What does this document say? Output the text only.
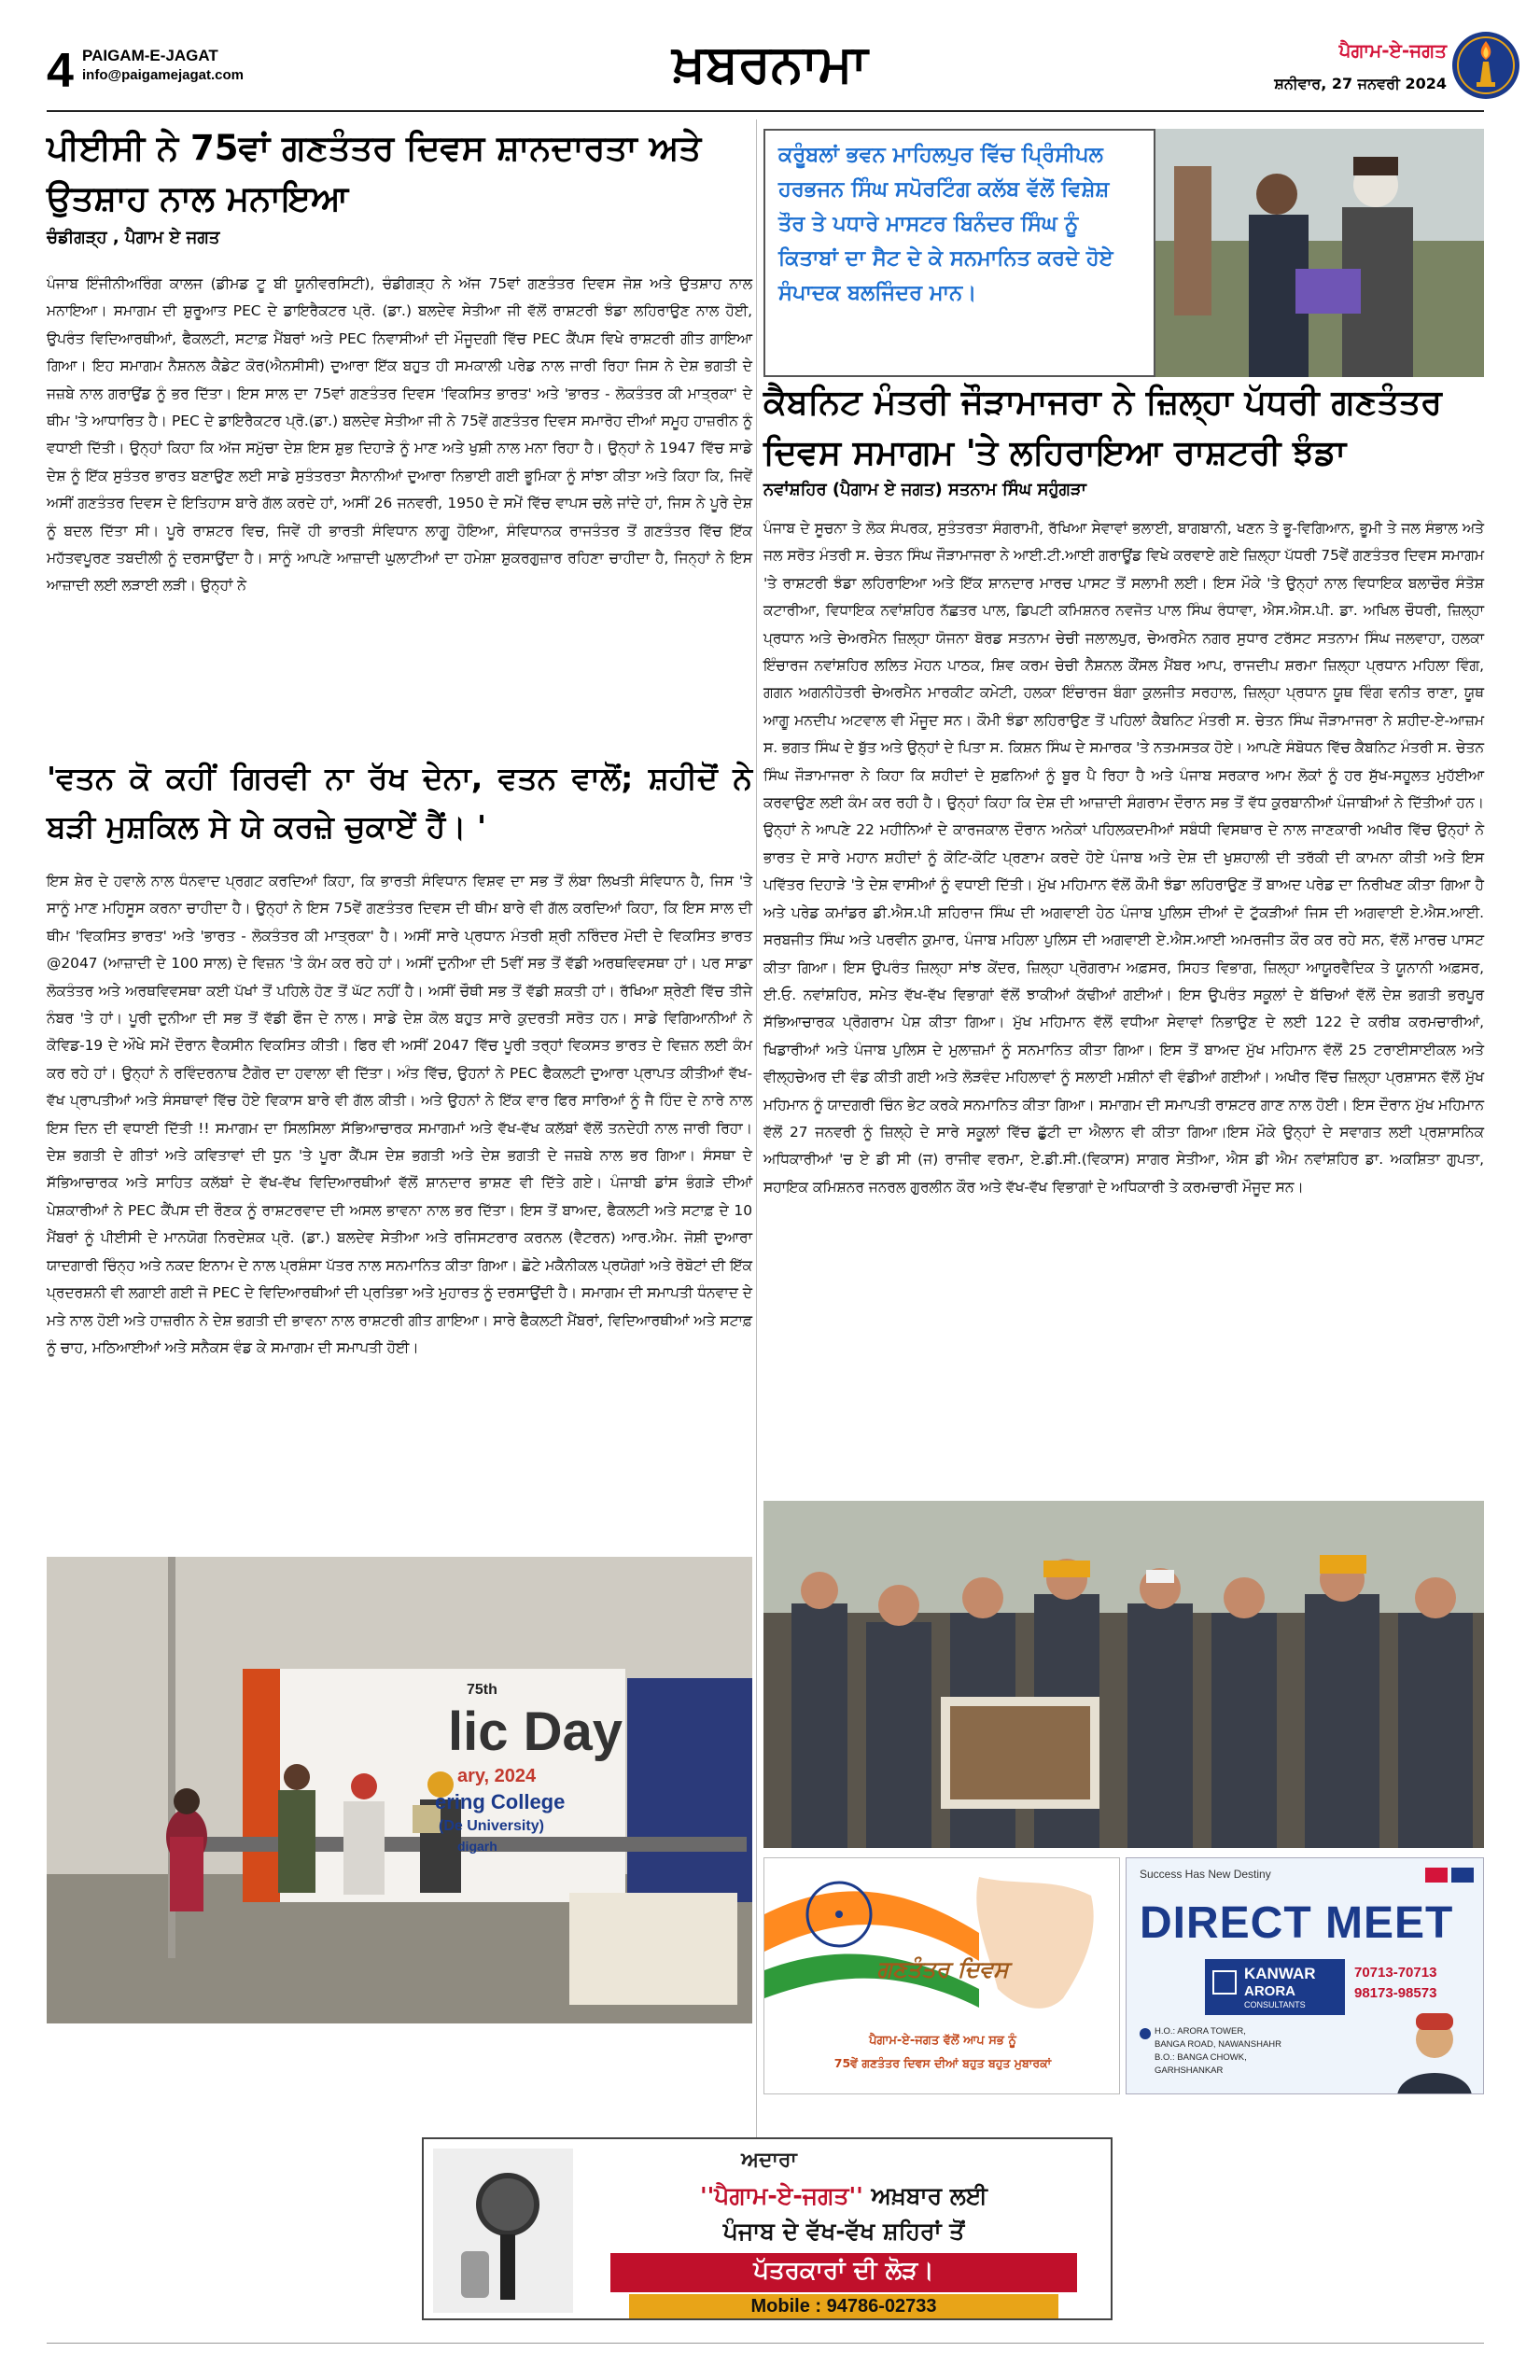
4 PAIGAM-E-JAGAT
info@paigamejagat.com	ਖ਼ਬਰਨਾਮਾ	ਪੈਗਾਮ-ਏ-ਜਗਤ
ਸ਼ਨੀਵਾਰ, 27 ਜਨਵਰੀ 2024
ਪੀਈਸੀ ਨੇ 75ਵਾਂ ਗਣਤੰਤਰ ਦਿਵਸ ਸ਼ਾਨਦਾਰਤਾ ਅਤੇ ਉਤਸ਼ਾਹ ਨਾਲ ਮਨਾਇਆ
ਚੰਡੀਗੜ੍ਹ , ਪੈਗਾਮ ਏ ਜਗਤ

ਪੰਜਾਬ ਇੰਜੀਨੀਅਰਿੰਗ ਕਾਲਜ (ਡੀਮਡ ਟੂ ਬੀ ਯੂਨੀਵਰਸਿਟੀ), ਚੰਡੀਗੜ੍ਹ ਨੇ ਅੱਜ 75ਵਾਂ ਗਣਤੰਤਰ ਦਿਵਸ ਜੋਸ਼ ਅਤੇ ਉਤਸ਼ਾਹ ਨਾਲ ਮਨਾਇਆ। ਸਮਾਗਮ ਦੀ ਸ਼ੁਰੂਆਤ PEC ਦੇ ਡਾਇਰੈਕਟਰ ਪ੍ਰੋ. (ਡਾ.) ਬਲਦੇਵ ਸੇਤੀਆ ਜੀ ਵੱਲੋਂ ਰਾਸ਼ਟਰੀ ਝੰਡਾ ਲਹਿਰਾਉਣ ਨਾਲ ਹੋਈ, ਉਪਰੰਤ ਵਿਦਿਆਰਥੀਆਂ, ਫੈਕਲਟੀ, ਸਟਾਫ਼ ਮੈਂਬਰਾਂ ਅਤੇ PEC ਨਿਵਾਸੀਆਂ ਦੀ ਮੌਜੂਦਗੀ ਵਿੱਚ PEC ਕੈਂਪਸ ਵਿਖੇ ਰਾਸ਼ਟਰੀ ਗੀਤ ਗਾਇਆ ਗਿਆ। ਇਹ ਸਮਾਗਮ ਨੈਸ਼ਨਲ ਕੈਡੇਟ ਕੋਰ(ਐਨਸੀਸੀ) ਦੁਆਰਾ ਇੱਕ ਬਹੁਤ ਹੀ ਸਮਕਾਲੀ ਪਰੇਡ ਨਾਲ ਜਾਰੀ ਰਿਹਾ ਜਿਸ ਨੇ ਦੇਸ਼ ਭਗਤੀ ਦੇ ਜਜ਼ਬੇ ਨਾਲ ਗਰਾਉਂਡ ਨੂੰ ਭਰ ਦਿੱਤਾ। ਇਸ ਸਾਲ ਦਾ 75ਵਾਂ ਗਣਤੰਤਰ ਦਿਵਸ 'ਵਿਕਸਿਤ ਭਾਰਤ' ਅਤੇ 'ਭਾਰਤ - ਲੋਕਤੰਤਰ ਕੀ ਮਾਤ੍ਰਕਾ' ਦੇ ਥੀਮ 'ਤੇ ਆਧਾਰਿਤ ਹੈ। PEC ਦੇ ਡਾਇਰੈਕਟਰ ਪ੍ਰੋ.(ਡਾ.) ਬਲਦੇਵ ਸੇਤੀਆ ਜੀ ਨੇ 75ਵੇਂ ਗਣਤੰਤਰ ਦਿਵਸ ਸਮਾਰੋਹ ਦੀਆਂ ਸਮੂਹ ਹਾਜ਼ਰੀਨ ਨੂੰ ਵਧਾਈ ਦਿੱਤੀ। ਉਨ੍ਹਾਂ ਕਿਹਾ ਕਿ ਅੱਜ ਸਮੁੱਚਾ ਦੇਸ਼ ਇਸ ਸ਼ੁਭ ਦਿਹਾੜੇ ਨੂੰ ਮਾਣ ਅਤੇ ਖੁਸ਼ੀ ਨਾਲ ਮਨਾ ਰਿਹਾ ਹੈ। ਉਨ੍ਹਾਂ ਨੇ 1947 ਵਿੱਚ ਸਾਡੇ ਦੇਸ਼ ਨੂੰ ਇੱਕ ਸੁਤੰਤਰ ਭਾਰਤ ਬਣਾਉਣ ਲਈ ਸਾਡੇ ਸੁਤੰਤਰਤਾ ਸੈਨਾਨੀਆਂ ਦੁਆਰਾ ਨਿਭਾਈ ਗਈ ਭੂਮਿਕਾ ਨੂੰ ਸਾਂਝਾ ਕੀਤਾ ਅਤੇ ਕਿਹਾ ਕਿ, ਜਿਵੇਂ ਅਸੀਂ ਗਣਤੰਤਰ ਦਿਵਸ ਦੇ ਇਤਿਹਾਸ ਬਾਰੇ ਗੱਲ ਕਰਦੇ ਹਾਂ, ਅਸੀਂ 26 ਜਨਵਰੀ, 1950 ਦੇ ਸਮੇਂ ਵਿੱਚ ਵਾਪਸ ਚਲੇ ਜਾਂਦੇ ਹਾਂ, ਜਿਸ ਨੇ ਪੂਰੇ ਦੇਸ਼ ਨੂੰ ਬਦਲ ਦਿੱਤਾ ਸੀ। ਪੂਰੇ ਰਾਸ਼ਟਰ ਵਿਚ, ਜਿਵੇਂ ਹੀ ਭਾਰਤੀ ਸੰਵਿਧਾਨ ਲਾਗੂ ਹੋਇਆ, ਸੰਵਿਧਾਨਕ ਰਾਜਤੰਤਰ ਤੋਂ ਗਣਤੰਤਰ ਵਿੱਚ ਇੱਕ ਮਹੱਤਵਪੂਰਣ ਤਬਦੀਲੀ ਨੂੰ ਦਰਸਾਉਂਦਾ ਹੈ। ਸਾਨੂੰ ਆਪਣੇ ਆਜ਼ਾਦੀ ਘੁਲਾਟੀਆਂ ਦਾ ਹਮੇਸ਼ਾ ਸ਼ੁਕਰਗੁਜ਼ਾਰ ਰਹਿਣਾ ਚਾਹੀਦਾ ਹੈ, ਜਿਨ੍ਹਾਂ ਨੇ ਇਸ ਆਜ਼ਾਦੀ ਲਈ ਲੜਾਈ ਲੜੀ। ਉਨ੍ਹਾਂ ਨੇ

'ਵਤਨ ਕੋ ਕਹੀਂ ਗਿਰਵੀ ਨਾ ਰੱਖ ਦੇਨਾ, ਵਤਨ ਵਾਲੋਂ; ਸ਼ਹੀਦੋਂ ਨੇ ਬੜੀ ਮੁਸ਼ਕਿਲ ਸੇ ਯੇ ਕਰਜ਼ੇ ਚੁਕਾਏਂ ਹੈਂ। '

ਇਸ ਸ਼ੇਰ ਦੇ ਹਵਾਲੇ ਨਾਲ ਧੰਨਵਾਦ ਪ੍ਰਗਟ ਕਰਦਿਆਂ ਕਿਹਾ, ਕਿ ਭਾਰਤੀ ਸੰਵਿਧਾਨ ਵਿਸ਼ਵ ਦਾ ਸਭ ਤੋਂ ਲੰਬਾ ਲਿਖਤੀ ਸੰਵਿਧਾਨ ਹੈ, ਜਿਸ 'ਤੇ ਸਾਨੂੰ ਮਾਣ ਮਹਿਸੂਸ ਕਰਨਾ ਚਾਹੀਦਾ ਹੈ। ਉਨ੍ਹਾਂ ਨੇ ਇਸ 75ਵੇਂ ਗਣਤੰਤਰ ਦਿਵਸ ਦੀ ਥੀਮ ਬਾਰੇ ਵੀ ਗੱਲ ਕਰਦਿਆਂ ਕਿਹਾ, ਕਿ ਇਸ ਸਾਲ ਦੀ ਥੀਮ 'ਵਿਕਸਿਤ ਭਾਰਤ' ਅਤੇ 'ਭਾਰਤ - ਲੋਕਤੰਤਰ ਕੀ ਮਾਤ੍ਰਕਾ' ਹੈ। ਅਸੀਂ ਸਾਰੇ ਪ੍ਰਧਾਨ ਮੰਤਰੀ ਸ਼੍ਰੀ ਨਰਿੰਦਰ ਮੋਦੀ ਦੇ ਵਿਕਸਿਤ ਭਾਰਤ @2047 (ਆਜ਼ਾਦੀ ਦੇ 100 ਸਾਲ) ਦੇ ਵਿਜ਼ਨ 'ਤੇ ਕੰਮ ਕਰ ਰਹੇ ਹਾਂ। ਅਸੀਂ ਦੁਨੀਆ ਦੀ 5ਵੀਂ ਸਭ ਤੋਂ ਵੱਡੀ ਅਰਥਵਿਵਸਥਾ ਹਾਂ। ਪਰ ਸਾਡਾ ਲੋਕਤੰਤਰ ਅਤੇ ਅਰਥਵਿਵਸਥਾ ਕਈ ਪੱਖਾਂ ਤੋਂ ਪਹਿਲੇ ਹੋਣ ਤੋਂ ਘੱਟ ਨਹੀਂ ਹੈ। ਅਸੀਂ ਚੌਥੀ ਸਭ ਤੋਂ ਵੱਡੀ ਸ਼ਕਤੀ ਹਾਂ। ਰੱਖਿਆ ਸ਼੍ਰੇਣੀ ਵਿੱਚ ਤੀਜੇ ਨੰਬਰ 'ਤੇ ਹਾਂ। ਪੂਰੀ ਦੁਨੀਆ ਦੀ ਸਭ ਤੋਂ ਵੱਡੀ ਫੌਜ ਦੇ ਨਾਲ। ਸਾਡੇ ਦੇਸ਼ ਕੋਲ ਬਹੁਤ ਸਾਰੇ ਕੁਦਰਤੀ ਸਰੋਤ ਹਨ। ਸਾਡੇ ਵਿਗਿਆਨੀਆਂ ਨੇ ਕੋਵਿਡ-19 ਦੇ ਔਖੇ ਸਮੇਂ ਦੌਰਾਨ ਵੈਕਸੀਨ ਵਿਕਸਿਤ ਕੀਤੀ। ਫਿਰ ਵੀ ਅਸੀਂ 2047 ਵਿੱਚ ਪੂਰੀ ਤਰ੍ਹਾਂ ਵਿਕਸਤ ਭਾਰਤ ਦੇ ਵਿਜ਼ਨ ਲਈ ਕੰਮ ਕਰ ਰਹੇ ਹਾਂ। ਉਨ੍ਹਾਂ ਨੇ ਰਵਿੰਦਰਨਾਥ ਟੈਗੋਰ ਦਾ ਹਵਾਲਾ ਵੀ ਦਿੱਤਾ। ਅੰਤ ਵਿੱਚ, ਉਹਨਾਂ ਨੇ PEC ਫੈਕਲਟੀ ਦੁਆਰਾ ਪ੍ਰਾਪਤ ਕੀਤੀਆਂ ਵੱਖ-ਵੱਖ ਪ੍ਰਾਪਤੀਆਂ ਅਤੇ ਸੰਸਥਾਵਾਂ ਵਿੱਚ ਹੋਏ ਵਿਕਾਸ ਬਾਰੇ ਵੀ ਗੱਲ ਕੀਤੀ। ਅਤੇ ਉਹਨਾਂ ਨੇ ਇੱਕ ਵਾਰ ਫਿਰ ਸਾਰਿਆਂ ਨੂੰ ਜੈ ਹਿੰਦ ਦੇ ਨਾਰੇ ਨਾਲ ਇਸ ਦਿਨ ਦੀ ਵਧਾਈ ਦਿੱਤੀ !! ਸਮਾਗਮ ਦਾ ਸਿਲਸਿਲਾ ਸੱਭਿਆਚਾਰਕ ਸਮਾਗਮਾਂ ਅਤੇ ਵੱਖ-ਵੱਖ ਕਲੱਬਾਂ ਵੱਲੋਂ ਤਨਦੇਹੀ ਨਾਲ ਜਾਰੀ ਰਿਹਾ। ਦੇਸ਼ ਭਗਤੀ ਦੇ ਗੀਤਾਂ ਅਤੇ ਕਵਿਤਾਵਾਂ ਦੀ ਧੁਨ 'ਤੇ ਪੂਰਾ ਕੈਂਪਸ ਦੇਸ਼ ਭਗਤੀ ਅਤੇ ਦੇਸ਼ ਭਗਤੀ ਦੇ ਜਜ਼ਬੇ ਨਾਲ ਭਰ ਗਿਆ। ਸੰਸਥਾ ਦੇ ਸੱਭਿਆਚਾਰਕ ਅਤੇ ਸਾਹਿਤ ਕਲੱਬਾਂ ਦੇ ਵੱਖ-ਵੱਖ ਵਿਦਿਆਰਥੀਆਂ ਵੱਲੋਂ ਸ਼ਾਨਦਾਰ ਭਾਸ਼ਣ ਵੀ ਦਿੱਤੇ ਗਏ। ਪੰਜਾਬੀ ਡਾਂਸ ਭੰਗੜੇ ਦੀਆਂ ਪੇਸ਼ਕਾਰੀਆਂ ਨੇ PEC ਕੈਂਪਸ ਦੀ ਰੌਣਕ ਨੂੰ ਰਾਸ਼ਟਰਵਾਦ ਦੀ ਅਸਲ ਭਾਵਨਾ ਨਾਲ ਭਰ ਦਿੱਤਾ। ਇਸ ਤੋਂ ਬਾਅਦ, ਫੈਕਲਟੀ ਅਤੇ ਸਟਾਫ਼ ਦੇ 10 ਮੈਂਬਰਾਂ ਨੂੰ ਪੀਈਸੀ ਦੇ ਮਾਨਯੋਗ ਨਿਰਦੇਸ਼ਕ ਪ੍ਰੋ. (ਡਾ.) ਬਲਦੇਵ ਸੇਤੀਆ ਅਤੇ ਰਜਿਸਟਰਾਰ ਕਰਨਲ (ਵੈਟਰਨ) ਆਰ.ਐਮ. ਜੋਸ਼ੀ ਦੁਆਰਾ ਯਾਦਗਾਰੀ ਚਿੰਨ੍ਹ ਅਤੇ ਨਕਦ ਇਨਾਮ ਦੇ ਨਾਲ ਪ੍ਰਸ਼ੰਸਾ ਪੱਤਰ ਨਾਲ ਸਨਮਾਨਿਤ ਕੀਤਾ ਗਿਆ। ਛੋਟੇ ਮਕੈਨੀਕਲ ਪ੍ਰਯੋਗਾਂ ਅਤੇ ਰੋਬੋਟਾਂ ਦੀ ਇੱਕ ਪ੍ਰਦਰਸ਼ਨੀ ਵੀ ਲਗਾਈ ਗਈ ਜੋ PEC ਦੇ ਵਿਦਿਆਰਥੀਆਂ ਦੀ ਪ੍ਰਤਿਭਾ ਅਤੇ ਮੁਹਾਰਤ ਨੂੰ ਦਰਸਾਉਂਦੀ ਹੈ। ਸਮਾਗਮ ਦੀ ਸਮਾਪਤੀ ਧੰਨਵਾਦ ਦੇ ਮਤੇ ਨਾਲ ਹੋਈ ਅਤੇ ਹਾਜ਼ਰੀਨ ਨੇ ਦੇਸ਼ ਭਗਤੀ ਦੀ ਭਾਵਨਾ ਨਾਲ ਰਾਸ਼ਟਰੀ ਗੀਤ ਗਾਇਆ। ਸਾਰੇ ਫੈਕਲਟੀ ਮੈਂਬਰਾਂ, ਵਿਦਿਆਰਥੀਆਂ ਅਤੇ ਸਟਾਫ਼ ਨੂੰ ਚਾਹ, ਮਠਿਆਈਆਂ ਅਤੇ ਸਨੈਕਸ ਵੰਡ ਕੇ ਸਮਾਗਮ ਦੀ ਸਮਾਪਤੀ ਹੋਈ।

75th
lic Day
ary, 2024
ering College
(De University)
digarh

ਕਰੂੰਬਲਾਂ ਭਵਨ ਮਾਹਿਲਪੁਰ ਵਿੱਚ ਪ੍ਰਿੰਸੀਪਲ ਹਰਭਜਨ ਸਿੰਘ ਸਪੋਰਟਿੰਗ ਕਲੱਬ ਵੱਲੋਂ ਵਿਸ਼ੇਸ਼ ਤੌਰ ਤੇ ਪਧਾਰੇ ਮਾਸਟਰ ਬਿਨੰਦਰ ਸਿੰਘ ਨੂੰ ਕਿਤਾਬਾਂ ਦਾ ਸੈਟ ਦੇ ਕੇ ਸਨਮਾਨਿਤ ਕਰਦੇ ਹੋਏ ਸੰਪਾਦਕ ਬਲਜਿੰਦਰ ਮਾਨ।

ਕੈਬਨਿਟ ਮੰਤਰੀ ਜੌੜਾਮਾਜਰਾ ਨੇ ਜ਼ਿਲ੍ਹਾ ਪੱਧਰੀ ਗਣਤੰਤਰ ਦਿਵਸ ਸਮਾਗਮ 'ਤੇ ਲਹਿਰਾਇਆ ਰਾਸ਼ਟਰੀ ਝੰਡਾ
ਨਵਾਂਸ਼ਹਿਰ (ਪੈਗਾਮ ਏ ਜਗਤ) ਸਤਨਾਮ ਸਿੰਘ ਸਹੁੰਗੜਾ

ਪੰਜਾਬ ਦੇ ਸੂਚਨਾ ਤੇ ਲੋਕ ਸੰਪਰਕ, ਸੁਤੰਤਰਤਾ ਸੰਗਰਾਮੀ, ਰੱਖਿਆ ਸੇਵਾਵਾਂ ਭਲਾਈ, ਬਾਗਬਾਨੀ, ਖਣਨ ਤੇ ਭੂ-ਵਿਗਿਆਨ, ਭੂਮੀ ਤੇ ਜਲ ਸੰਭਾਲ ਅਤੇ ਜਲ ਸਰੋਤ ਮੰਤਰੀ ਸ. ਚੇਤਨ ਸਿੰਘ ਜੌੜਾਮਾਜਰਾ ਨੇ ਆਈ.ਟੀ.ਆਈ ਗਰਾਊਂਡ ਵਿਖੇ ਕਰਵਾਏ ਗਏ ਜ਼ਿਲ੍ਹਾ ਪੱਧਰੀ 75ਵੇਂ ਗਣਤੰਤਰ ਦਿਵਸ ਸਮਾਗਮ 'ਤੇ ਰਾਸ਼ਟਰੀ ਝੰਡਾ ਲਹਿਰਾਇਆ ਅਤੇ ਇੱਕ ਸ਼ਾਨਦਾਰ ਮਾਰਚ ਪਾਸਟ ਤੋਂ ਸਲਾਮੀ ਲਈ। ਇਸ ਮੌਕੇ 'ਤੇ ਉਨ੍ਹਾਂ ਨਾਲ ਵਿਧਾਇਕ ਬਲਾਚੌਰ ਸੰਤੋਸ਼ ਕਟਾਰੀਆ, ਵਿਧਾਇਕ ਨਵਾਂਸ਼ਹਿਰ ਨੱਛਤਰ ਪਾਲ, ਡਿਪਟੀ ਕਮਿਸ਼ਨਰ ਨਵਜੋਤ ਪਾਲ ਸਿੰਘ ਰੰਧਾਵਾ, ਐਸ.ਐਸ.ਪੀ. ਡਾ. ਅਖਿਲ ਚੌਧਰੀ, ਜ਼ਿਲ੍ਹਾ ਪ੍ਰਧਾਨ ਅਤੇ ਚੇਅਰਮੈਨ ਜ਼ਿਲ੍ਹਾ ਯੋਜਨਾ ਬੋਰਡ ਸਤਨਾਮ ਚੇਚੀ ਜਲਾਲਪੁਰ, ਚੇਅਰਮੈਨ ਨਗਰ ਸੁਧਾਰ ਟਰੱਸਟ ਸਤਨਾਮ ਸਿੰਘ ਜਲਵਾਹਾ, ਹਲਕਾ ਇੰਚਾਰਜ ਨਵਾਂਸ਼ਹਿਰ ਲਲਿਤ ਮੋਹਨ ਪਾਠਕ, ਸ਼ਿਵ ਕਰਮ ਚੇਚੀ ਨੈਸ਼ਨਲ ਕੌਂਸਲ ਮੈਂਬਰ ਆਪ, ਰਾਜਦੀਪ ਸ਼ਰਮਾ ਜ਼ਿਲ੍ਹਾ ਪ੍ਰਧਾਨ ਮਹਿਲਾ ਵਿੰਗ, ਗਗਨ ਅਗਨੀਹੋਤਰੀ ਚੇਅਰਮੈਨ ਮਾਰਕੀਟ ਕਮੇਟੀ, ਹਲਕਾ ਇੰਚਾਰਜ ਬੰਗਾ ਕੁਲਜੀਤ ਸਰਹਾਲ, ਜ਼ਿਲ੍ਹਾ ਪ੍ਰਧਾਨ ਯੂਥ ਵਿੰਗ ਵਨੀਤ ਰਾਣਾ, ਯੂਥ ਆਗੂ ਮਨਦੀਪ ਅਟਵਾਲ ਵੀ ਮੌਜੂਦ ਸਨ। ਕੌਮੀ ਝੰਡਾ ਲਹਿਰਾਉਣ ਤੋਂ ਪਹਿਲਾਂ ਕੈਬਨਿਟ ਮੰਤਰੀ ਸ. ਚੇਤਨ ਸਿੰਘ ਜੌੜਾਮਾਜਰਾ ਨੇ ਸ਼ਹੀਦ-ਏ-ਆਜ਼ਮ ਸ. ਭਗਤ ਸਿੰਘ ਦੇ ਬੁੱਤ ਅਤੇ ਉਨ੍ਹਾਂ ਦੇ ਪਿਤਾ ਸ. ਕਿਸ਼ਨ ਸਿੰਘ ਦੇ ਸਮਾਰਕ 'ਤੇ ਨਤਮਸਤਕ ਹੋਏ। ਆਪਣੇ ਸੰਬੋਧਨ ਵਿੱਚ ਕੈਬਨਿਟ ਮੰਤਰੀ ਸ. ਚੇਤਨ ਸਿੰਘ ਜੌੜਾਮਾਜਰਾ ਨੇ ਕਿਹਾ ਕਿ ਸ਼ਹੀਦਾਂ ਦੇ ਸੁਫ਼ਨਿਆਂ ਨੂੰ ਬੂਰ ਪੈ ਰਿਹਾ ਹੈ ਅਤੇ ਪੰਜਾਬ ਸਰਕਾਰ ਆਮ ਲੋਕਾਂ ਨੂੰ ਹਰ ਸੁੱਖ-ਸਹੂਲਤ ਮੁਹੱਈਆ ਕਰਵਾਉਣ ਲਈ ਕੰਮ ਕਰ ਰਹੀ ਹੈ। ਉਨ੍ਹਾਂ ਕਿਹਾ ਕਿ ਦੇਸ਼ ਦੀ ਆਜ਼ਾਦੀ ਸੰਗਰਾਮ ਦੌਰਾਨ ਸਭ ਤੋਂ ਵੱਧ ਕੁਰਬਾਨੀਆਂ ਪੰਜਾਬੀਆਂ ਨੇ ਦਿੱਤੀਆਂ ਹਨ। ਉਨ੍ਹਾਂ ਨੇ ਆਪਣੇ 22 ਮਹੀਨਿਆਂ ਦੇ ਕਾਰਜਕਾਲ ਦੌਰਾਨ ਅਨੇਕਾਂ ਪਹਿਲਕਦਮੀਆਂ ਸਬੰਧੀ ਵਿਸਥਾਰ ਦੇ ਨਾਲ ਜਾਣਕਾਰੀ ਅਖੀਰ ਵਿੱਚ ਉਨ੍ਹਾਂ ਨੇ ਭਾਰਤ ਦੇ ਸਾਰੇ ਮਹਾਨ ਸ਼ਹੀਦਾਂ ਨੂੰ ਕੋਟਿ-ਕੋਟਿ ਪ੍ਰਣਾਮ ਕਰਦੇ ਹੋਏ ਪੰਜਾਬ ਅਤੇ ਦੇਸ਼ ਦੀ ਖੁਸ਼ਹਾਲੀ ਦੀ ਤਰੱਕੀ ਦੀ ਕਾਮਨਾ ਕੀਤੀ ਅਤੇ ਇਸ ਪਵਿੱਤਰ ਦਿਹਾੜੇ 'ਤੇ ਦੇਸ਼ ਵਾਸੀਆਂ ਨੂੰ ਵਧਾਈ ਦਿੱਤੀ। ਮੁੱਖ ਮਹਿਮਾਨ ਵੱਲੋਂ ਕੌਮੀ ਝੰਡਾ ਲਹਿਰਾਉਣ ਤੋਂ ਬਾਅਦ ਪਰੇਡ ਦਾ ਨਿਰੀਖਣ ਕੀਤਾ ਗਿਆ ਹੈ ਅਤੇ ਪਰੇਡ ਕਮਾਂਡਰ ਡੀ.ਐਸ.ਪੀ ਸ਼ਹਿਰਾਜ ਸਿੰਘ ਦੀ ਅਗਵਾਈ ਹੇਠ ਪੰਜਾਬ ਪੁਲਿਸ ਦੀਆਂ ਦੋ ਟੁੱਕੜੀਆਂ ਜਿਸ ਦੀ ਅਗਵਾਈ ਏ.ਐਸ.ਆਈ. ਸਰਬਜੀਤ ਸਿੰਘ ਅਤੇ ਪਰਵੀਨ ਕੁਮਾਰ, ਪੰਜਾਬ ਮਹਿਲਾ ਪੁਲਿਸ ਦੀ ਅਗਵਾਈ ਏ.ਐਸ.ਆਈ ਅਮਰਜੀਤ ਕੌਰ ਕਰ ਰਹੇ ਸਨ, ਵੱਲੋਂ ਮਾਰਚ ਪਾਸਟ ਕੀਤਾ ਗਿਆ। ਇਸ ਉਪਰੰਤ ਜ਼ਿਲ੍ਹਾ ਸਾਂਝ ਕੇਂਦਰ, ਜ਼ਿਲ੍ਹਾ ਪ੍ਰੋਗਰਾਮ ਅਫ਼ਸਰ, ਸਿਹਤ ਵਿਭਾਗ, ਜ਼ਿਲ੍ਹਾ ਆਯੂਰਵੈਦਿਕ ਤੇ ਯੂਨਾਨੀ ਅਫ਼ਸਰ, ਈ.ਓ. ਨਵਾਂਸ਼ਹਿਰ, ਸਮੇਤ ਵੱਖ-ਵੱਖ ਵਿਭਾਗਾਂ ਵੱਲੋਂ ਝਾਕੀਆਂ ਕੱਢੀਆਂ ਗਈਆਂ। ਇਸ ਉਪਰੰਤ ਸਕੂਲਾਂ ਦੇ ਬੱਚਿਆਂ ਵੱਲੋਂ ਦੇਸ਼ ਭਗਤੀ ਭਰਪੂਰ ਸੱਭਿਆਚਾਰਕ ਪ੍ਰੋਗਰਾਮ ਪੇਸ਼ ਕੀਤਾ ਗਿਆ। ਮੁੱਖ ਮਹਿਮਾਨ ਵੱਲੋਂ ਵਧੀਆ ਸੇਵਾਵਾਂ ਨਿਭਾਉਣ ਦੇ ਲਈ 122 ਦੇ ਕਰੀਬ ਕਰਮਚਾਰੀਆਂ, ਖਿਡਾਰੀਆਂ ਅਤੇ ਪੰਜਾਬ ਪੁਲਿਸ ਦੇ ਮੁਲਾਜ਼ਮਾਂ ਨੂੰ ਸਨਮਾਨਿਤ ਕੀਤਾ ਗਿਆ। ਇਸ ਤੋਂ ਬਾਅਦ ਮੁੱਖ ਮਹਿਮਾਨ ਵੱਲੋਂ 25 ਟਰਾਈਸਾਈਕਲ ਅਤੇ ਵੀਲ੍ਹਚੇਅਰ ਦੀ ਵੰਡ ਕੀਤੀ ਗਈ ਅਤੇ ਲੋੜਵੰਦ ਮਹਿਲਾਵਾਂ ਨੂੰ ਸਲਾਈ ਮਸ਼ੀਨਾਂ ਵੀ ਵੰਡੀਆਂ ਗਈਆਂ। ਅਖੀਰ ਵਿੱਚ ਜ਼ਿਲ੍ਹਾ ਪ੍ਰਸ਼ਾਸਨ ਵੱਲੋਂ ਮੁੱਖ ਮਹਿਮਾਨ ਨੂੰ ਯਾਦਗਰੀ ਚਿੰਨ ਭੇਟ ਕਰਕੇ ਸਨਮਾਨਿਤ ਕੀਤਾ ਗਿਆ। ਸਮਾਗਮ ਦੀ ਸਮਾਪਤੀ ਰਾਸ਼ਟਰ ਗਾਣ ਨਾਲ ਹੋਈ। ਇਸ ਦੌਰਾਨ ਮੁੱਖ ਮਹਿਮਾਨ ਵੱਲੋਂ 27 ਜਨਵਰੀ ਨੂੰ ਜ਼ਿਲ੍ਹੇ ਦੇ ਸਾਰੇ ਸਕੂਲਾਂ ਵਿੱਚ ਛੁੱਟੀ ਦਾ ਐਲਾਨ ਵੀ ਕੀਤਾ ਗਿਆ।ਇਸ ਮੌਕੇ ਉਨ੍ਹਾਂ ਦੇ ਸਵਾਗਤ ਲਈ ਪ੍ਰਸ਼ਾਸਨਿਕ ਅਧਿਕਾਰੀਆਂ 'ਚ ਏ ਡੀ ਸੀ (ਜ) ਰਾਜੀਵ ਵਰਮਾ, ਏ.ਡੀ.ਸੀ.(ਵਿਕਾਸ) ਸਾਗਰ ਸੇਤੀਆ, ਐਸ ਡੀ ਐਮ ਨਵਾਂਸ਼ਹਿਰ ਡਾ. ਅਕਸ਼ਿਤਾ ਗੁਪਤਾ, ਸਹਾਇਕ ਕਮਿਸ਼ਨਰ ਜਨਰਲ ਗੁਰਲੀਨ ਕੌਰ ਅਤੇ ਵੱਖ-ਵੱਖ ਵਿਭਾਗਾਂ ਦੇ ਅਧਿਕਾਰੀ ਤੇ ਕਰਮਚਾਰੀ ਮੌਜੂਦ ਸਨ।

ਗਣਤੰਤਰ ਦਿਵਸ
ਪੈਗਾਮ-ਏ-ਜਗਤ ਵੱਲੋਂ ਆਪ ਸਭ ਨੂੰ
75ਵੇਂ ਗਣਤੰਤਰ ਦਿਵਸ ਦੀਆਂ ਬਹੁਤ ਬਹੁਤ ਮੁਬਾਰਕਾਂ
Success Has New Destiny
DIRECT MEET
KANWAR
ARORA
CONSULTANTS
70713-70713
98173-98573
H.O.: ARORA TOWER,
BANGA ROAD, NAWANSHAHR
B.O.: BANGA CHOWK,
GARHSHANKAR
ਅਦਾਰਾ
''ਪੈਗਾਮ-ਏ-ਜਗਤ'' ਅਖ਼ਬਾਰ ਲਈ
ਪੰਜਾਬ ਦੇ ਵੱਖ-ਵੱਖ ਸ਼ਹਿਰਾਂ ਤੋਂ
ਪੱਤਰਕਾਰਾਂ ਦੀ ਲੋੜ।
Mobile : 94786-02733
